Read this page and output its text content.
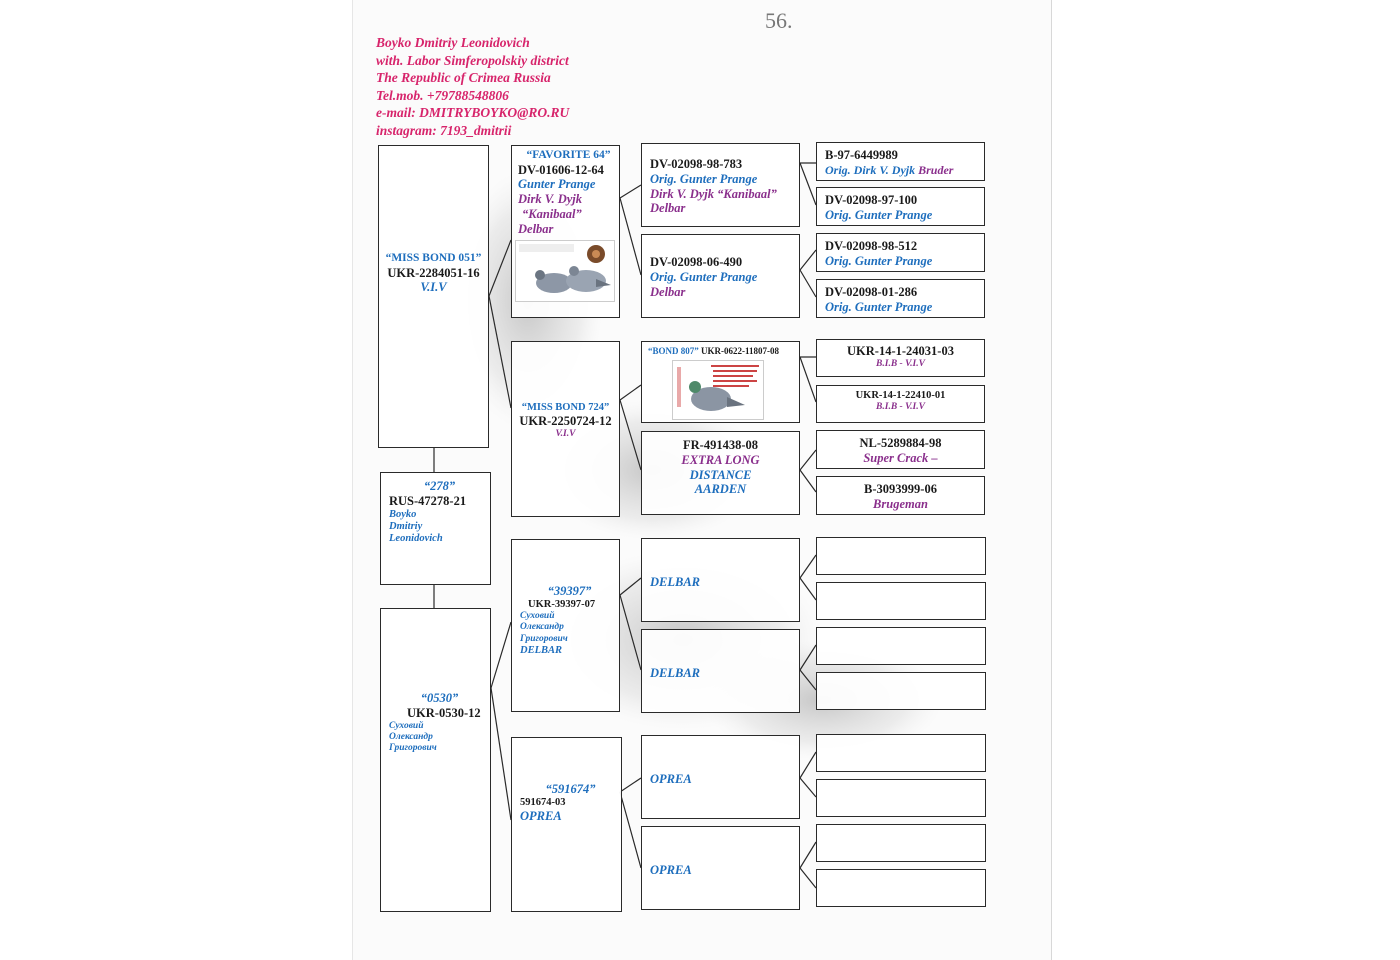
56.
Boyko Dmitriy Leonidovich
with. Labor Simferopolskiy district
The Republic of Crimea Russia
Tel.mob. +79788548806
e-mail: DMITRYBOYKO@RO.RU
instagram: 7193_dmitrii
“MISS BOND 051”
UKR-2284051-16
V.I.V
“278”
RUS-47278-21
Boyko
Dmitriy
Leonidovich
“0530”
UKR-0530-12
Суховий
Олександр
Григорович
“FAVORITE 64”
DV-01606-12-64
Gunter Prange
Dirk V. Dyjk
“Kanibaal”
Delbar
“MISS BOND 724”
UKR-2250724-12
V.I.V
“39397”
UKR-39397-07
Суховий
Олександр
Григорович
DELBAR
“591674”
591674-03
OPREA
DV-02098-98-783
Orig. Gunter Prange
Dirk V. Dyjk “Kanibaal”
Delbar
DV-02098-06-490
Orig. Gunter Prange
Delbar
“BOND 807” UKR-0622-11807-08
FR-491438-08
EXTRA LONG
DISTANCE
AARDEN
DELBAR
DELBAR
OPREA
OPREA
B-97-6449989
Orig. Dirk V. Dyjk Bruder
DV-02098-97-100
Orig. Gunter Prange
DV-02098-98-512
Orig. Gunter Prange
DV-02098-01-286
Orig. Gunter Prange
UKR-14-1-24031-03
B.I.B - V.I.V
UKR-14-1-22410-01
B.I.B - V.I.V
NL-5289884-98
Super Crack –
B-3093999-06
Brugeman
